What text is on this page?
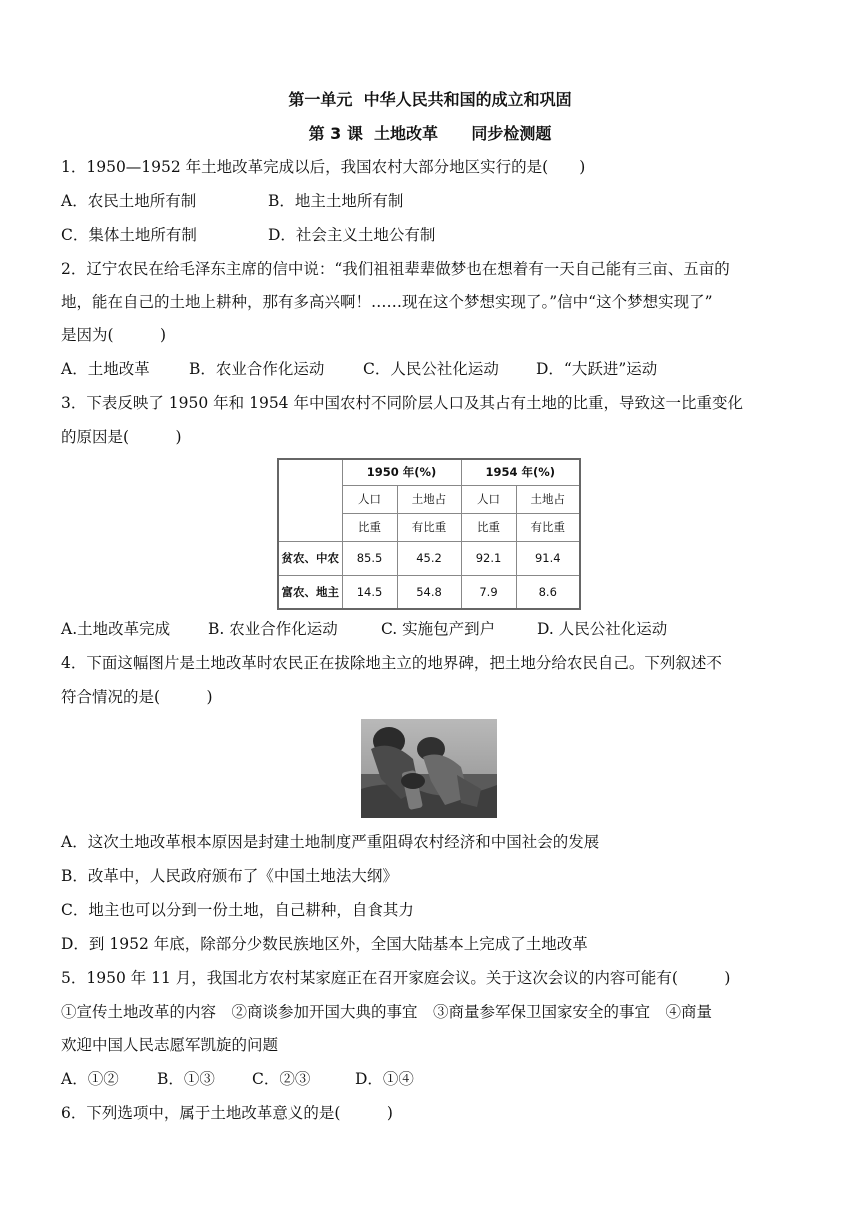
第一单元  中华人民共和国的成立和巩固
第 3 课  土地改革      同步检测题
1．1950—1952 年土地改革完成以后，我国农村大部分地区实行的是(　　)
A．农民土地所有制	B．地主土地所有制
C．集体土地所有制	D．社会主义土地公有制
2．辽宁农民在给毛泽东主席的信中说：“我们祖祖辈辈做梦也在想着有一天自己能有三亩、五亩的
地，能在自己的土地上耕种，那有多高兴啊！……现在这个梦想实现了。”信中“这个梦想实现了”
是因为(　　　)
A．土地改革	B．农业合作化运动 C．人民公社化运动 D．“大跃进”运动
3．下表反映了 1950 年和 1954 年中国农村不同阶层人口及其占有土地的比重，导致这一比重变化
的原因是(　　　)
	1950 年(%)		1954 年(%)	
	人口	土地占	人口	土地占
	比重	有比重	比重	有比重
贫农、中农	85.5	45.2	92.1	91.4
富农、地主	14.5	54.8	7.9	8.6
A.土地改革完成 B. 农业合作化运动	C. 实施包产到户	D. 人民公社化运动
4．下面这幅图片是土地改革时农民正在拔除地主立的地界碑，把土地分给农民自己。下列叙述不
符合情况的是(　　　)
A．这次土地改革根本原因是封建土地制度严重阻碍农村经济和中国社会的发展
B．改革中，人民政府颁布了《中国土地法大纲》
C．地主也可以分到一份土地，自己耕种，自食其力
D．到 1952 年底，除部分少数民族地区外，全国大陆基本上完成了土地改革
5．1950 年 11 月，我国北方农村某家庭正在召开家庭会议。关于这次会议的内容可能有(　　　)
①宣传土地改革的内容　②商谈参加开国大典的事宜　③商量参军保卫国家安全的事宜　④商量
欢迎中国人民志愿军凯旋的问题
A．①② B．①③ C．②③	D．①④
6．下列选项中，属于土地改革意义的是(　　　)
